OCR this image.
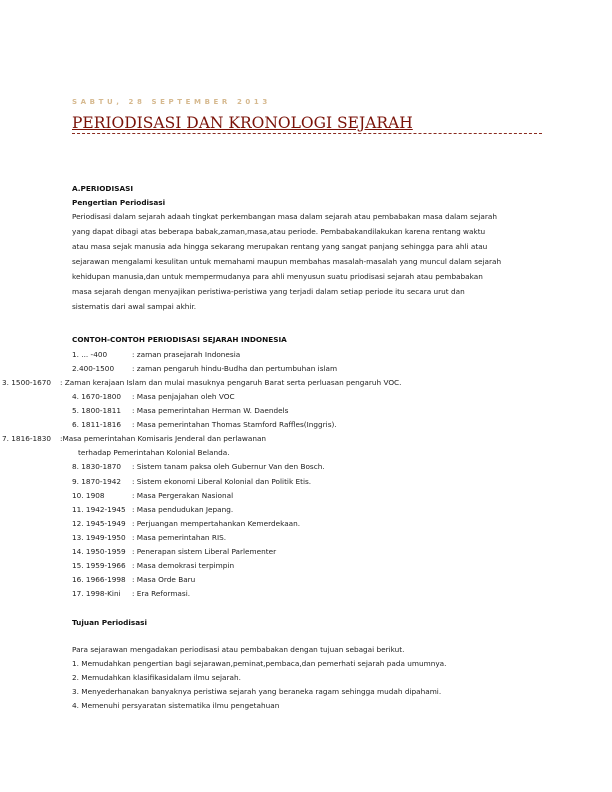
SABTU, 28 SEPTEMBER 2013
PERIODISASI DAN KRONOLOGI SEJARAH
A.PERIODISASI
Pengertian Periodisasi
Periodisasi dalam sejarah adaah tingkat perkembangan masa dalam sejarah atau pembabakan masa dalam sejarah
yang dapat dibagi atas beberapa babak,zaman,masa,atau periode. Pembabakandilakukan karena rentang waktu
atau masa sejak manusia ada hingga sekarang merupakan rentang yang sangat panjang sehingga para ahli atau
sejarawan mengalami kesulitan untuk memahami maupun membahas masalah-masalah yang muncul dalam sejarah
kehidupan manusia,dan untuk mempermudanya para ahli menyusun suatu priodisasi sejarah atau pembabakan
masa sejarah dengan menyajikan peristiwa-peristiwa yang terjadi dalam setiap periode itu secara urut dan
sistematis dari awal sampai akhir.
CONTOH-CONTOH PERIODISASI SEJARAH INDONESIA
1. ... -400	: zaman prasejarah Indonesia
2.400-1500 : zaman pengaruh hindu-Budha dan pertumbuhan islam
3. 1500-1670 : Zaman kerajaan Islam dan mulai masuknya pengaruh Barat serta perluasan pengaruh VOC.
4. 1670-1800 : Masa penjajahan oleh VOC
5. 1800-1811 : Masa pemerintahan Herman W. Daendels
6. 1811-1816 : Masa pemerintahan Thomas Stamford Raffles(Inggris).
7. 1816-1830 :Masa pemerintahan Komisaris Jenderal dan perlawanan
terhadap Pemerintahan Kolonial Belanda.
8. 1830-1870 : Sistem tanam paksa oleh Gubernur Van den Bosch.
9. 1870-1942 : Sistem ekonomi Liberal Kolonial dan Politik Etis.
10. 1908	: Masa Pergerakan Nasional
11. 1942-1945 : Masa pendudukan Jepang.
12. 1945-1949 : Perjuangan mempertahankan Kemerdekaan.
13. 1949-1950 : Masa pemerintahan RIS.
14. 1950-1959 : Penerapan sistem Liberal Parlementer
15. 1959-1966 : Masa demokrasi terpimpin
16. 1966-1998 : Masa Orde Baru
17. 1998-Kini : Era Reformasi.
Tujuan Periodisasi
Para sejarawan mengadakan periodisasi atau pembabakan dengan tujuan sebagai berikut.
1. Memudahkan pengertian bagi sejarawan,peminat,pembaca,dan pemerhati sejarah pada umumnya.
2. Memudahkan klasifikasidalam ilmu sejarah.
3. Menyederhanakan banyaknya peristiwa sejarah yang beraneka ragam sehingga mudah dipahami.
4. Memenuhi persyaratan sistematika ilmu pengetahuan
